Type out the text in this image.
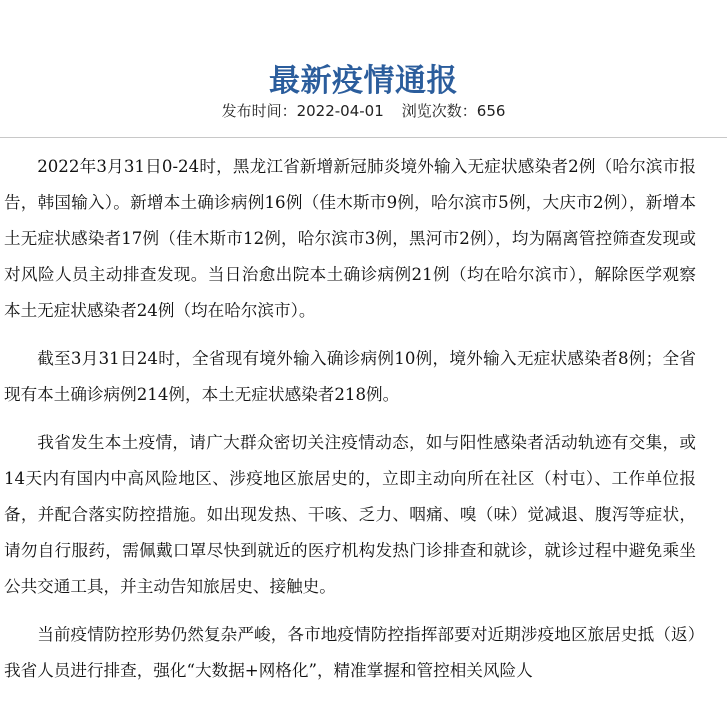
最新疫情通报
发布时间：2022-04-01 浏览次数：656

2022年3月31日0-24时，黑龙江省新增新冠肺炎境外输入无症状感染者2例（哈尔滨市报告，韩国输入）。新增本土确诊病例16例（佳木斯市9例，哈尔滨市5例，大庆市2例），新增本土无症状感染者17例（佳木斯市12例，哈尔滨市3例，黑河市2例），均为隔离管控筛查发现或对风险人员主动排查发现。当日治愈出院本土确诊病例21例（均在哈尔滨市），解除医学观察本土无症状感染者24例（均在哈尔滨市）。

截至3月31日24时，全省现有境外输入确诊病例10例，境外输入无症状感染者8例；全省现有本土确诊病例214例，本土无症状感染者218例。

我省发生本土疫情，请广大群众密切关注疫情动态，如与阳性感染者活动轨迹有交集，或14天内有国内中高风险地区、涉疫地区旅居史的，立即主动向所在社区（村屯）、工作单位报备，并配合落实防控措施。如出现发热、干咳、乏力、咽痛、嗅（味）觉减退、腹泻等症状，请勿自行服药，需佩戴口罩尽快到就近的医疗机构发热门诊排查和就诊，就诊过程中避免乘坐公共交通工具，并主动告知旅居史、接触史。

当前疫情防控形势仍然复杂严峻，各市地疫情防控指挥部要对近期涉疫地区旅居史抵（返）我省人员进行排查，强化“大数据+网格化”，精准掌握和管控相关风险人
